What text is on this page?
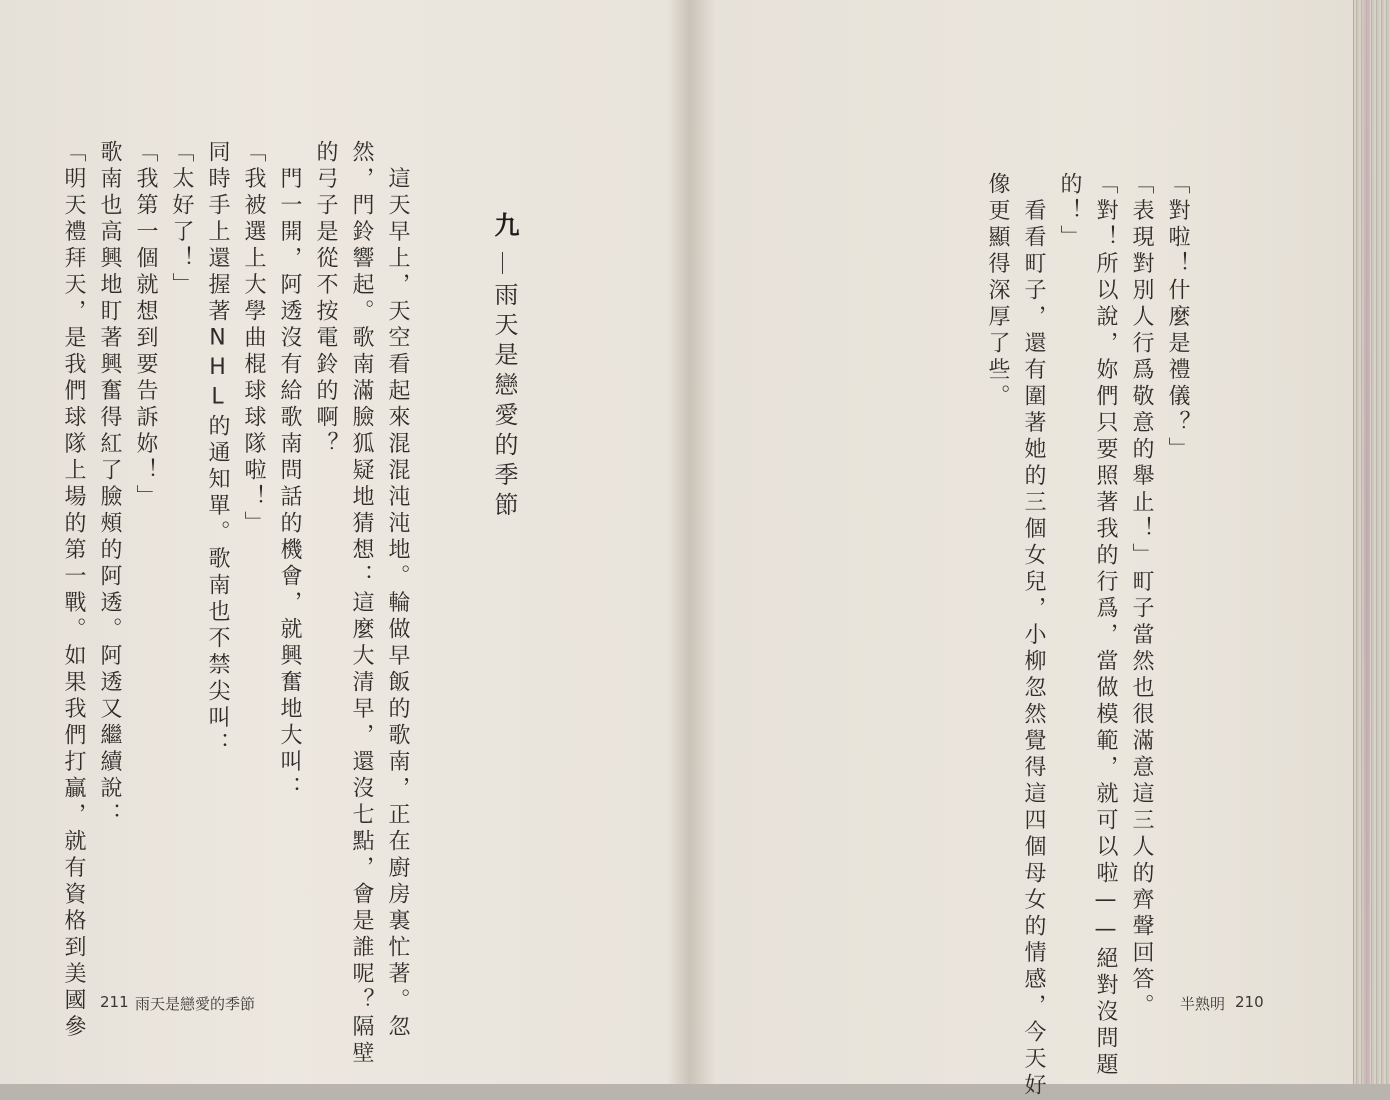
「對啦！什麼是禮儀？」
「表現對別人行爲敬意的舉止！」町子當然也很滿意這三人的齊聲回答。
「對！所以說，妳們只要照著我的行爲，當做模範，就可以啦——絕對沒問題
的！」
　看看町子，還有圍著她的三個女兒，小柳忽然覺得這四個母女的情感，今天好
像更顯得深厚了些。
半熟明 210
九
雨天是戀愛的季節
　這天早上，天空看起來混混沌沌地。輪做早飯的歌南，正在廚房裏忙著。忽
然，門鈴響起。歌南滿臉狐疑地猜想：這麼大清早，還沒七點，會是誰呢？隔壁
的弓子是從不按電鈴的啊？
　門一開，阿透沒有給歌南問話的機會，就興奮地大叫：
「我被選上大學曲棍球球隊啦！」
同時手上還握著NHL的通知單。歌南也不禁尖叫：
「太好了！」
「我第一個就想到要告訴妳！」
歌南也高興地盯著興奮得紅了臉頰的阿透。阿透又繼續說：
「明天禮拜天，是我們球隊上場的第一戰。如果我們打贏，就有資格到美國參 211 雨天是戀愛的季節
